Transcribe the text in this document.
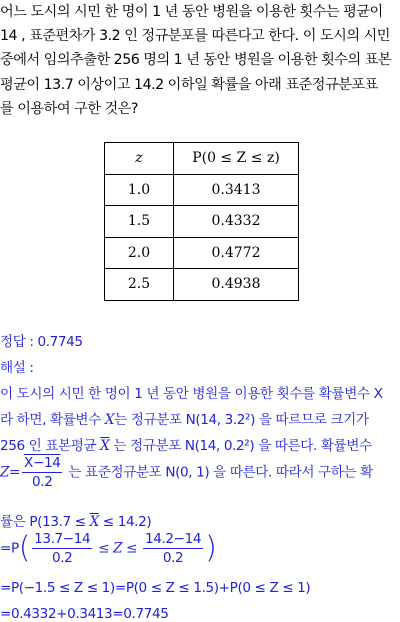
어느 도시의 시민 한 명이 1 년 동안 병원을 이용한 횟수는 평균이
14 , 표준편차가 3.2 인 정규분포를 따른다고 한다. 이 도시의 시민
중에서 임의추출한 256 명의 1 년 동안 병원을 이용한 횟수의 표본
평균이 13.7 이상이고 14.2 이하일 확률을 아래 표준정규분포표
를 이용하여 구한 것은?
z	P(0 ≤ Z ≤ z)
1.0	0.3413
1.5	0.4332
2.0	0.4772
2.5	0.4938
정답 : 0.7745
해설 :
이 도시의 시민 한 명이 1 년 동안 병원을 이용한 횟수를 확률변수 X
라 하면, 확률변수 X는 정규분포 N(14, 3.2²) 을 따르므로 크기가
256 인 표본평균 $\overline{X}$ 는 정규분포 N(14, 0.2²) 을 따른다. 확률변수
$Z= \frac{X-14}{0.2}$ 는 표준정규분포 N(0, 1) 을 따른다. 따라서 구하는 확
률은 $P(13.7 \le \overline{X} \le 14.2)$
$=P( \frac{13.7-14}{0.2} \le Z \le \frac{14.2-14}{0.2}$ )
=P(−1.5 ≤ Z ≤ 1)=P(0 ≤ Z ≤ 1.5)+P(0 ≤ Z ≤ 1)
=0.4332+0.3413=0.7745
